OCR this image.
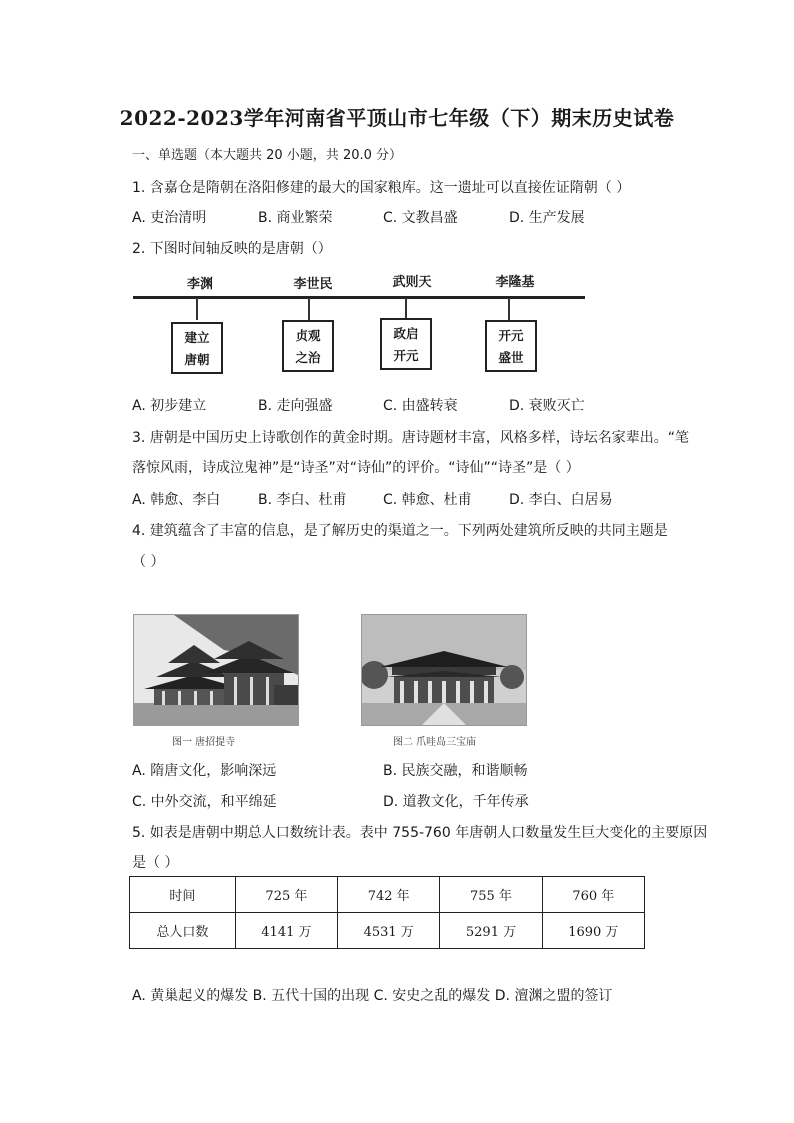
2022-2023学年河南省平顶山市七年级（下）期末历史试卷
一、单选题（本大题共 20 小题，共 20.0 分）
1. 含嘉仓是隋朝在洛阳修建的最大的国家粮库。这一遗址可以直接佐证隋朝（ ）
A. 吏治清明	B. 商业繁荣	C. 文教昌盛	D. 生产发展
2. 下图时间轴反映的是唐朝（）
李渊	李世民	武则天	李隆基
建立
唐朝
贞观
之治
政启
开元
开元
盛世
A. 初步建立	B. 走向强盛	C. 由盛转衰	D. 衰败灭亡
3. 唐朝是中国历史上诗歌创作的黄金时期。唐诗题材丰富，风格多样，诗坛名家辈出。“笔
落惊风雨，诗成泣鬼神”是“诗圣”对“诗仙”的评价。“诗仙”“诗圣”是（ ）
A. 韩愈、李白	B. 李白、杜甫	C. 韩愈、杜甫	D. 李白、白居易
4. 建筑蕴含了丰富的信息，是了解历史的渠道之一。下列两处建筑所反映的共同主题是
（ ）
图一 唐招提寺	图二 爪哇岛三宝庙
A. 隋唐文化，影响深远	B. 民族交融，和谐顺畅
C. 中外交流，和平绵延	D. 道教文化，千年传承
5. 如表是唐朝中期总人口数统计表。表中 755-760 年唐朝人口数量发生巨大变化的主要原因
是（ ）
时间	725 年	742 年	755 年	760 年
总人口数	4141 万	4531 万	5291 万	1690 万
A. 黄巢起义的爆发 B. 五代十国的出现 C. 安史之乱的爆发 D. 澶渊之盟的签订
